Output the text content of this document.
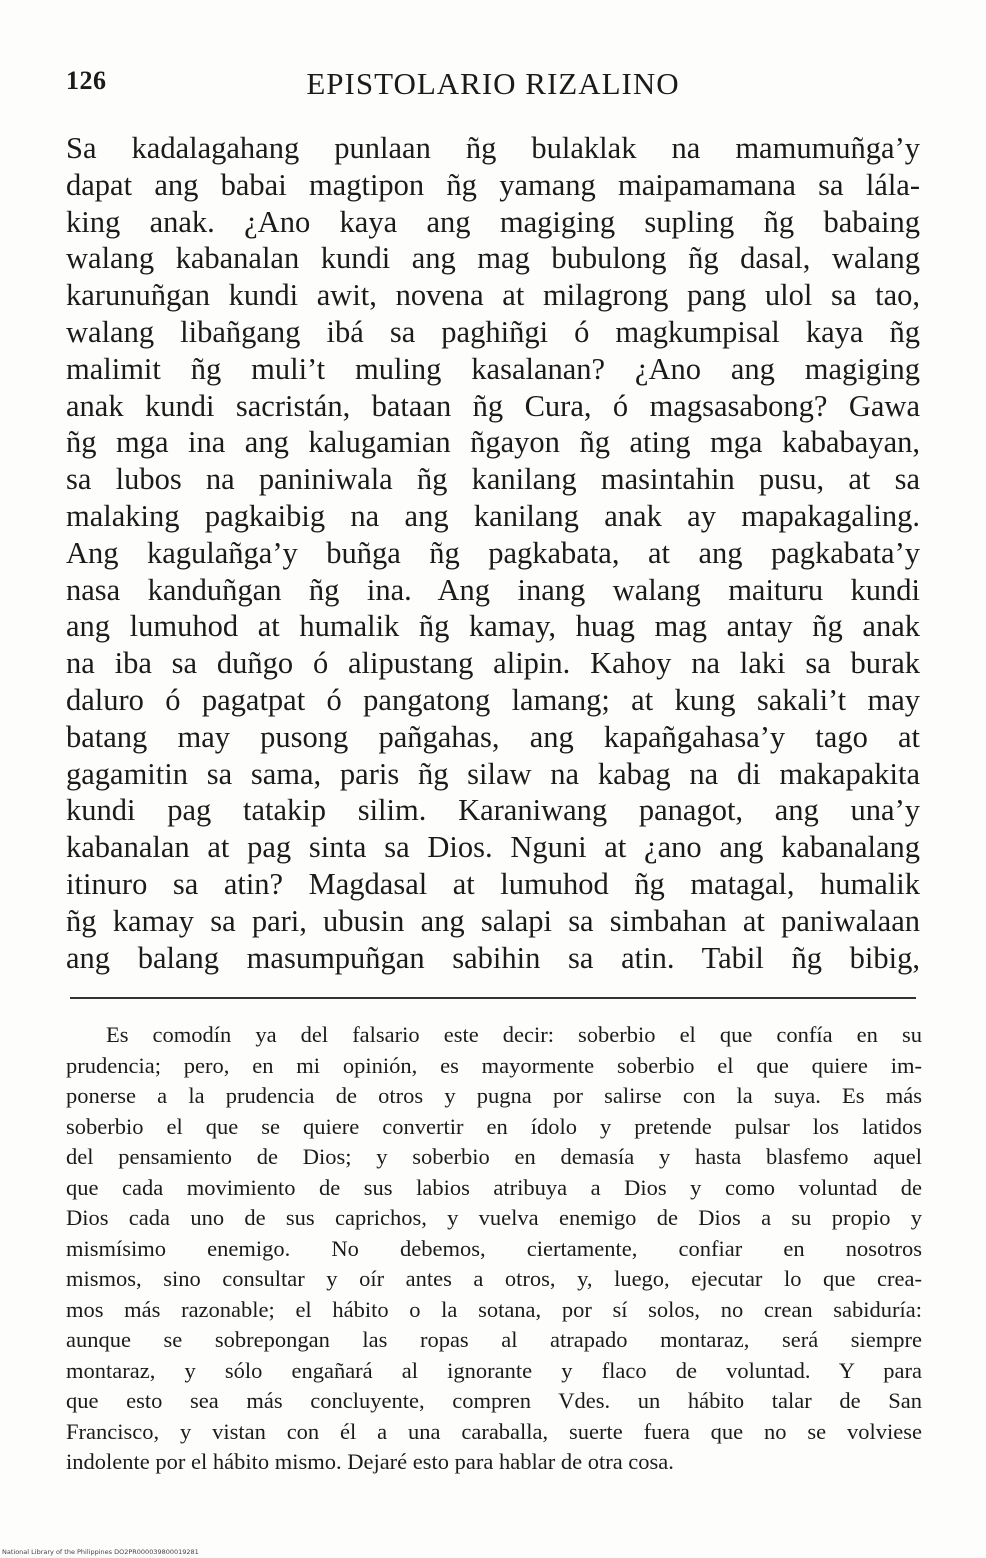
126	EPISTOLARIO RIZALINO
Sa kadalagahang punlaan ñg bulaklak na mamumuñga’y
dapat ang babai magtipon ñg yamang maipamamana sa lála-
king anak. ¿Ano kaya ang magiging supling ñg babaing
walang kabanalan kundi ang mag bubulong ñg dasal, walang
karunuñgan kundi awit, novena at milagrong pang ulol sa tao,
walang libañgang ibá sa paghiñgi ó magkumpisal kaya ñg
malimit ñg muli’t muling kasalanan? ¿Ano ang magiging
anak kundi sacristán, bataan ñg Cura, ó magsasabong? Gawa
ñg mga ina ang kalugamian ñgayon ñg ating mga kababayan,
sa lubos na paniniwala ñg kanilang masintahin pusu, at sa
malaking pagkaibig na ang kanilang anak ay mapakagaling.
Ang kagulañga’y buñga ñg pagkabata, at ang pagkabata’y
nasa kanduñgan ñg ina. Ang inang walang maituru kundi
ang lumuhod at humalik ñg kamay, huag mag antay ñg anak
na iba sa duñgo ó alipustang alipin. Kahoy na laki sa burak
daluro ó pagatpat ó pangatong lamang; at kung sakali’t may
batang may pusong pañgahas, ang kapañgahasa’y tago at
gagamitin sa sama, paris ñg silaw na kabag na di makapakita
kundi pag tatakip silim. Karaniwang panagot, ang una’y
kabanalan at pag sinta sa Dios. Nguni at ¿ano ang kabanalang
itinuro sa atin? Magdasal at lumuhod ñg matagal, humalik
ñg kamay sa pari, ubusin ang salapi sa simbahan at paniwalaan
ang balang masumpuñgan sabihin sa atin. Tabil ñg bibig,
Es comodín ya del falsario este decir: soberbio el que confía en su
prudencia; pero, en mi opinión, es mayormente soberbio el que quiere im-
ponerse a la prudencia de otros y pugna por salirse con la suya. Es más
soberbio el que se quiere convertir en ídolo y pretende pulsar los latidos
del pensamiento de Dios; y soberbio en demasía y hasta blasfemo aquel
que cada movimiento de sus labios atribuya a Dios y como voluntad de
Dios cada uno de sus caprichos, y vuelva enemigo de Dios a su propio y
mismísimo enemigo. No debemos, ciertamente, confiar en nosotros
mismos, sino consultar y oír antes a otros, y, luego, ejecutar lo que crea-
mos más razonable; el hábito o la sotana, por sí solos, no crean sabiduría:
aunque se sobrepongan las ropas al atrapado montaraz, será siempre
montaraz, y sólo engañará al ignorante y flaco de voluntad. Y para
que esto sea más concluyente, compren Vdes. un hábito talar de San
Francisco, y vistan con él a una caraballa, suerte fuera que no se volviese
indolente por el hábito mismo. Dejaré esto para hablar de otra cosa.
National Library of the Philippines DO2PR000039800019281
